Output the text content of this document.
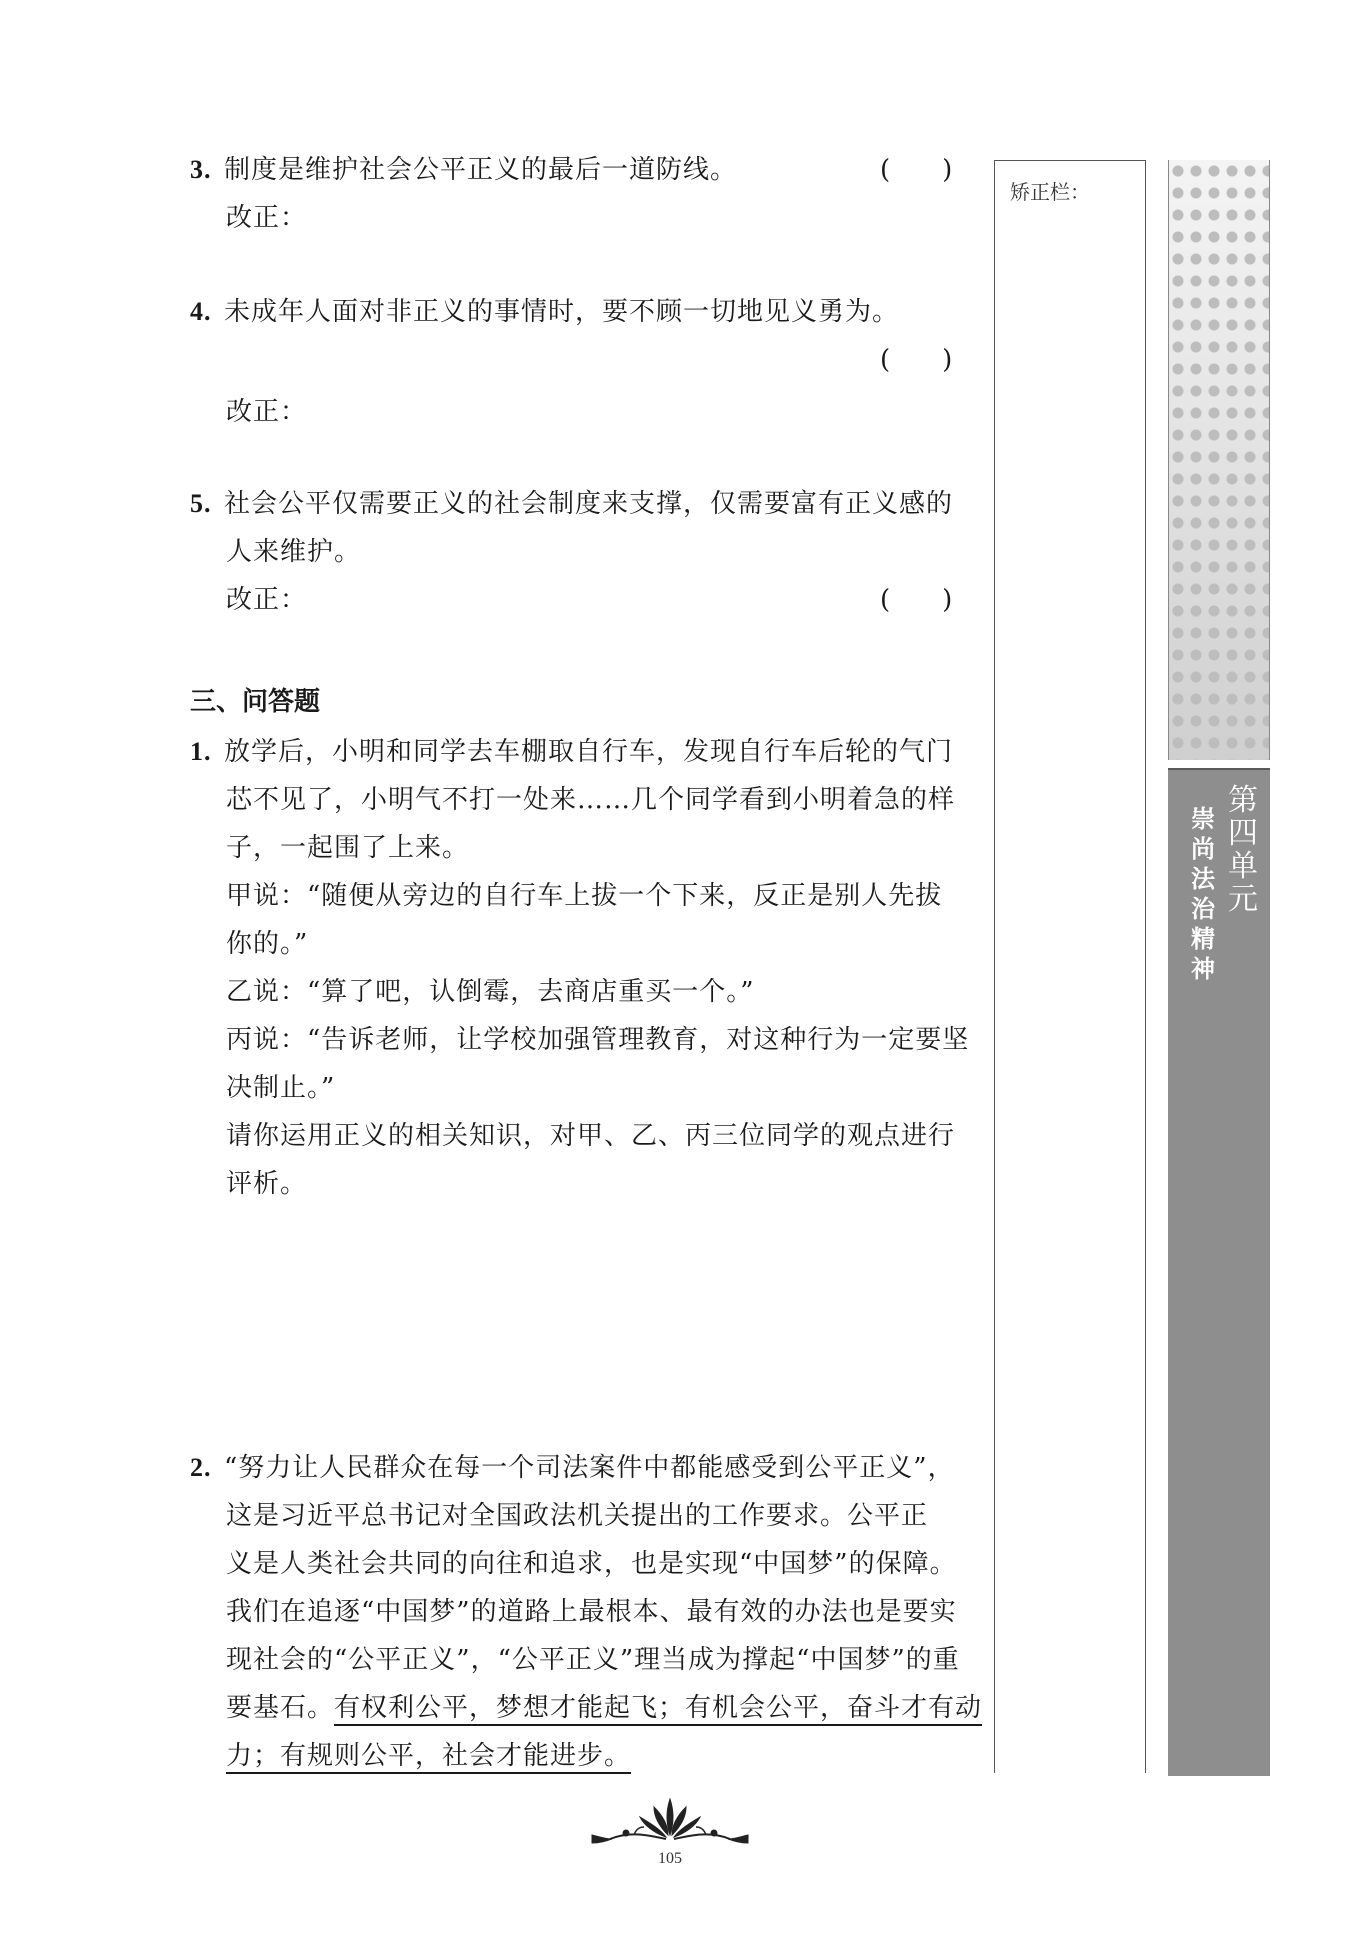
3. 制度是维护社会公平正义的最后一道防线。	(　　)
改正：
4. 未成年人面对非正义的事情时，要不顾一切地见义勇为。
(　　)
改正：
5. 社会公平仅需要正义的社会制度来支撑，仅需要富有正义感的
人来维护。
改正：	(　　)
三、问答题
1. 放学后，小明和同学去车棚取自行车，发现自行车后轮的气门
芯不见了，小明气不打一处来……几个同学看到小明着急的样
子，一起围了上来。
甲说：“随便从旁边的自行车上拔一个下来，反正是别人先拔
你的。”
乙说：“算了吧，认倒霉，去商店重买一个。”
丙说：“告诉老师，让学校加强管理教育，对这种行为一定要坚
决制止。”
请你运用正义的相关知识，对甲、乙、丙三位同学的观点进行
评析。
2. “努力让人民群众在每一个司法案件中都能感受到公平正义”，
这是习近平总书记对全国政法机关提出的工作要求。公平正
义是人类社会共同的向往和追求，也是实现“中国梦”的保障。
我们在追逐“中国梦”的道路上最根本、最有效的办法也是要实
现社会的“公平正义”，“公平正义”理当成为撑起“中国梦”的重
要基石。有权利公平，梦想才能起飞；有机会公平，奋斗才有动
力；有规则公平，社会才能进步。
矫正栏：
第四单元
崇尚法治精神
105
